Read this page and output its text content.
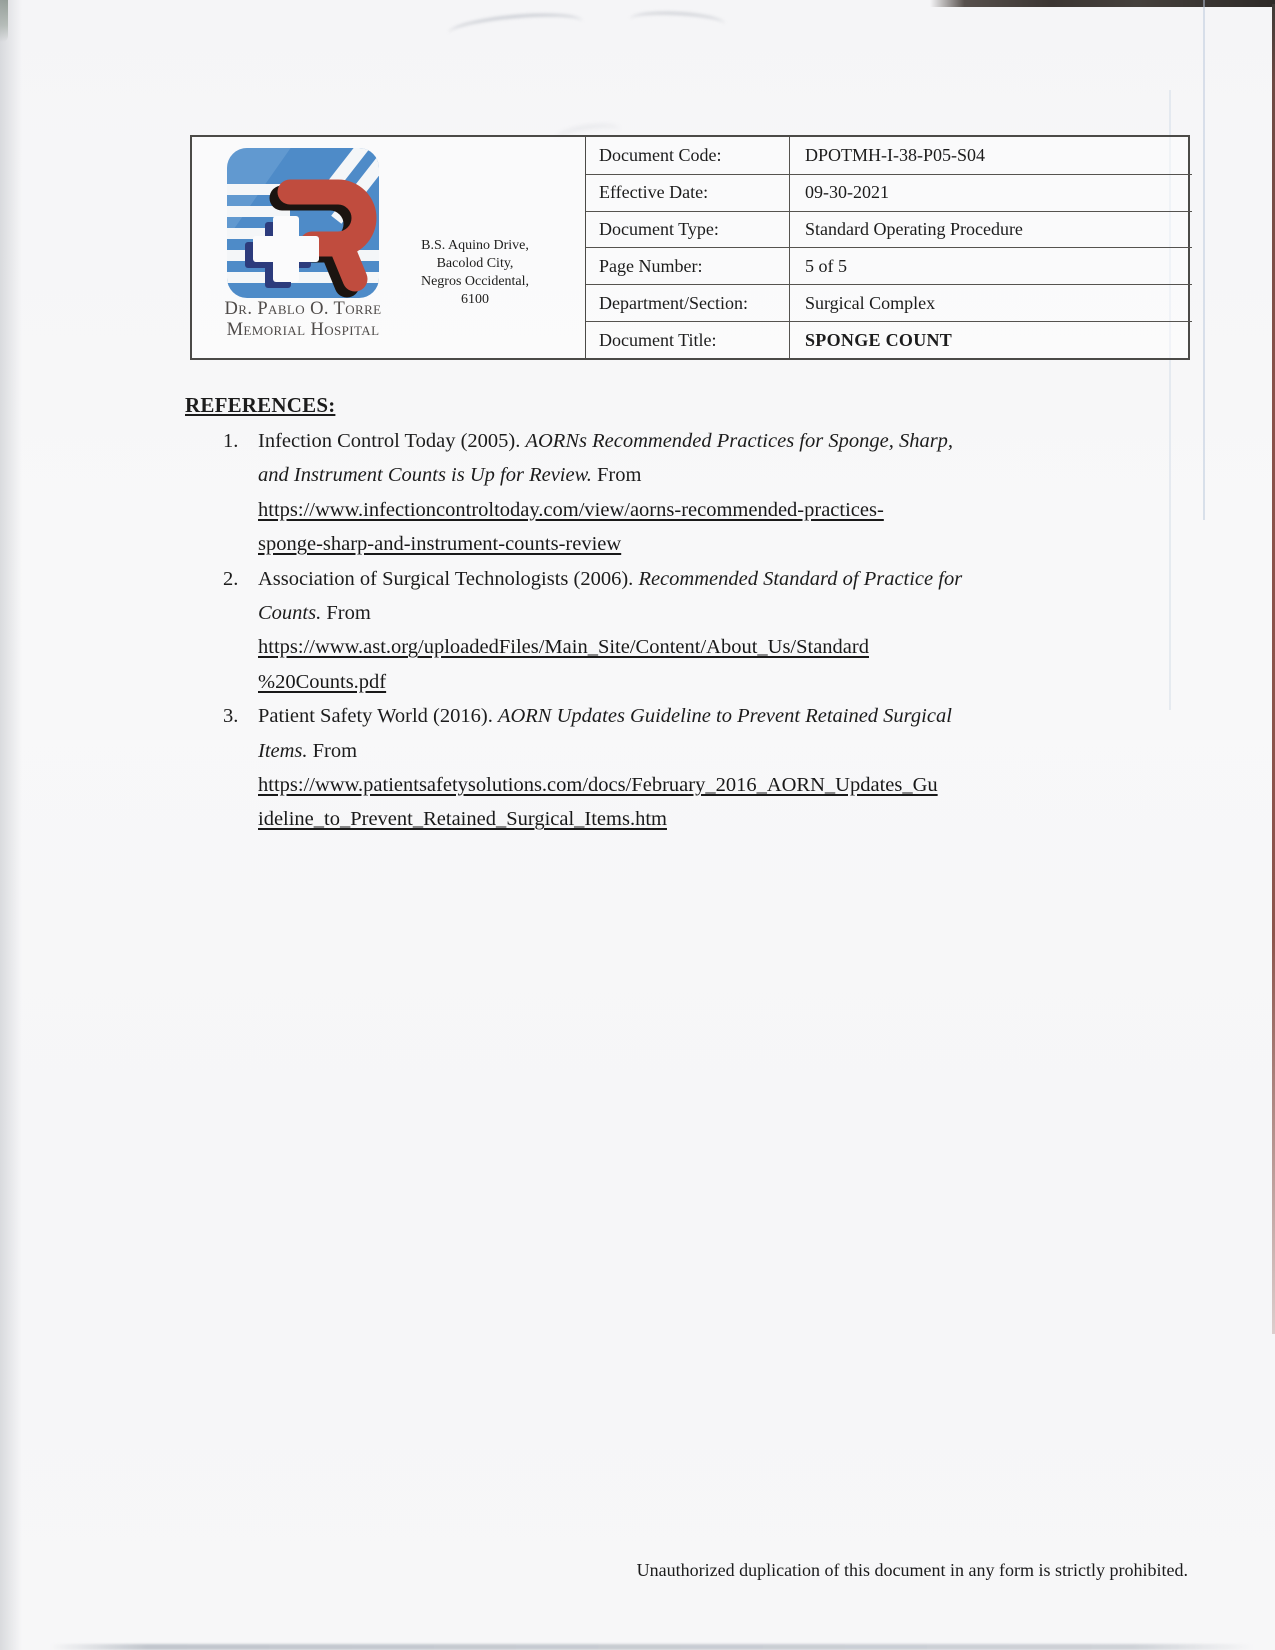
Dr. Pablo O. Torre
Memorial Hospital
B.S. Aquino Drive,
Bacolod City,
Negros Occidental,
6100
Document Code:	DPOTMH-I-38-P05-S04
Effective Date:	09-30-2021
Document Type:	Standard Operating Procedure
Page Number:	5 of 5
Department/Section:	Surgical Complex
Document Title:	SPONGE COUNT
REFERENCES:
1. Infection Control Today (2005). AORNs Recommended Practices for Sponge, Sharp,
and Instrument Counts is Up for Review. From
https://www.infectioncontroltoday.com/view/aorns-recommended-practices-
sponge-sharp-and-instrument-counts-review
2. Association of Surgical Technologists (2006). Recommended Standard of Practice for
Counts. From
https://www.ast.org/uploadedFiles/Main_Site/Content/About_Us/Standard
%20Counts.pdf
3. Patient Safety World (2016). AORN Updates Guideline to Prevent Retained Surgical
Items. From
https://www.patientsafetysolutions.com/docs/February_2016_AORN_Updates_Gu
ideline_to_Prevent_Retained_Surgical_Items.htm
Unauthorized duplication of this document in any form is strictly prohibited.
